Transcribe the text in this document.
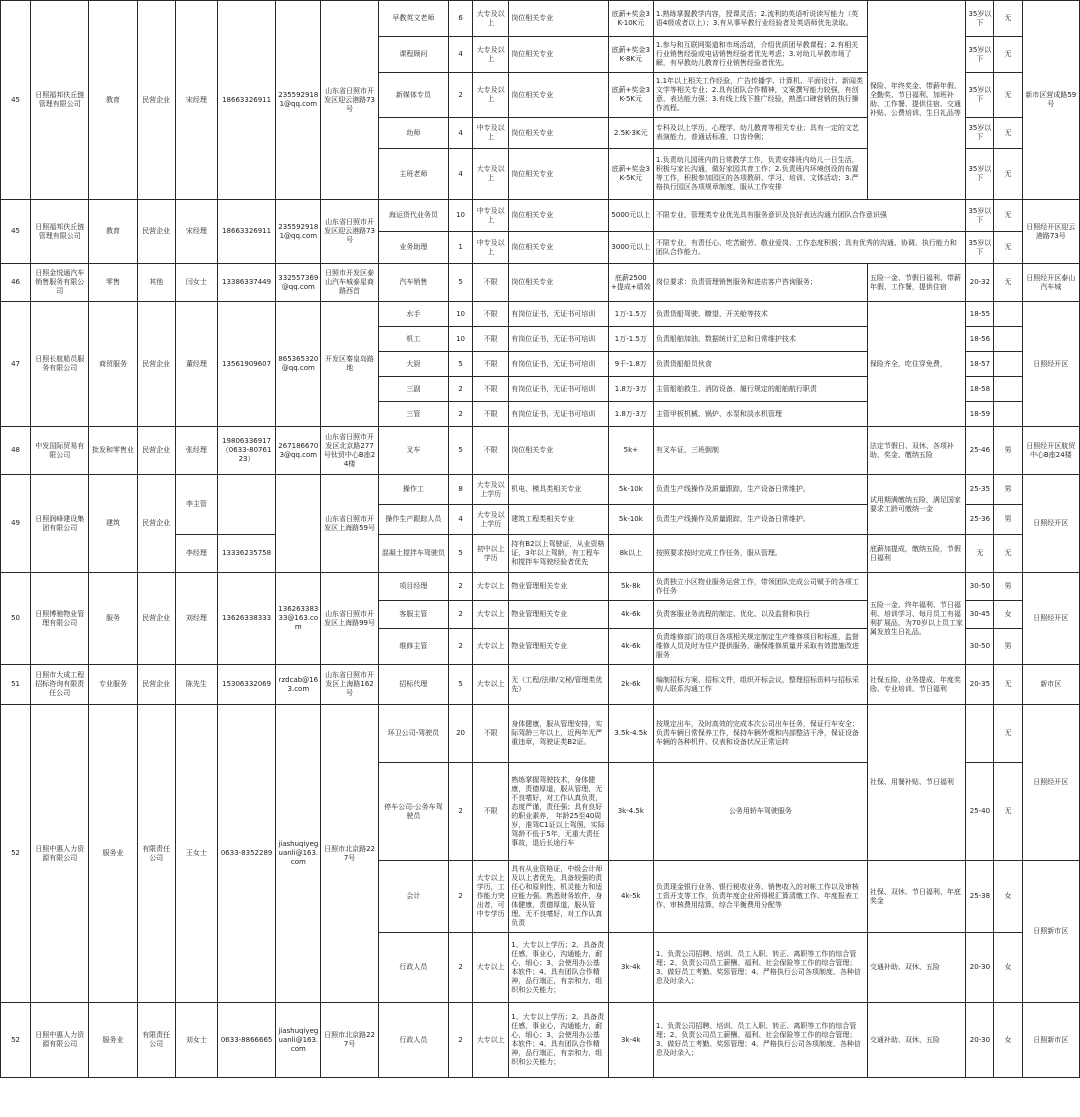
45	日照福邦伕丘链管理有限公司	教育	民营企业	宋经理	18663326911	2355929181@qq.com	山东省日照市开发区迎云港路73号	早教英文老师	6	大专及以上	岗位相关专业	底薪+奖金3K-10K元	1.熟练掌握教学内容，授课灵活；2.流利的英语听说读写能力（英语4级或者以上）；3.有从事早教行业经验者及英语师优先录取。	保险、年终奖金、带薪年假、全勤奖、节日福利、加班补助、工作餐、提供住宿、交通补贴、公费培训、生日礼品等	35岁以下	无	新市区营成路59号
								课程顾问	4	大专及以上	岗位相关专业	底薪+奖金3K-8K元	1.参与和互联网渠道和市场活动，介绍优质团早教课程；2.有相关行业销售经验或电话销售经验者优先考虑；3.对幼儿早教市场了解，有早教幼儿教育行业销售经验者优先。		35岁以下	无	
								新媒体专员	2	大专及以上	岗位相关专业	底薪+奖金3K-5K元	1.1年以上相关工作经验，广告传播学、计算机、平面设计、新闻类文学等相关专业；2.具有团队合作精神，文案撰写能力较强，有创意、表达能力强；3.有线上线下推广经验，熟悉口碑营销的执行操作流程。		35岁以下	无	
								幼师	4	中专及以上	岗位相关专业	2.5K-3K元	专科及以上学历，心理学、幼儿教育等相关专业；具有一定的文艺表演能力，普通话标准，口齿伶俐；		35岁以下	无	
								主班老师	4	大专及以上	岗位相关专业	底薪+奖金3K-5K元	1.负责幼儿园班内的日常教学工作，负责安排班内幼儿一日生活，积极与家长沟通，做好家园共育工作；2.负责班内环境创设的布置等工作，积极参加园区的各项教研、学习、培训、文体活动；3.严格执行园区各项规章制度，服从工作安排		35岁以下	无	
45	日照福邦伕丘链管理有限公司	教育	民营企业	宋经理	18663326911	2355929181@qq.com	山东省日照市开发区迎云港路73号	海运货代业务员	10	中专及以上	岗位相关专业	5000元以上	不限专业，管理类专业优先具有服务意识及良好表达沟通力团队合作意识强		35岁以下	无	日照经开区迎云港路73号
								业务助理	1	中专及以上	岗位相关专业	3000元以上	不限专业，有责任心、吃苦耐劳、敬业爱岗、工作态度积极；具有优秀的沟通、协调、执行能力和团队合作能力。		35岁以下	无	
46	日照金悦通汽车销售服务有限公司	零售	其他	闫女士	13386337449	332557369@qq.com	日照市开发区泰山汽车城泰星商路西首	汽车销售	5	不限	岗位相关专业	底薪2500+提成+绩效	岗位要求：负责管理销售服务和进店客户咨询服务；	五险一金、节假日福利、带薪年假、工作餐，提供住宿	20-32	无	日照经开区泰山汽车城
47	日照长航船员服务有限公司	商贸服务	民营企业	董经理	13561909607	865365320@qq.com	开发区秦皇岛路地	水手	10	不限	有岗位证书，无证书可培训	1万-1.5万	负责货船驾驶、瞭望、开关舱等技术	保险齐全，吃住穿免费，	18-55		日照经开区
								机工	10	不限	有岗位证书，无证书可培训	1万-1.5万	负责船舶加油、数据统计汇总和日常维护技术		18-56		
								大厨	5	不限	有岗位证书，无证书可培训	9千-1.8万	负责货船船员伙食		18-57		
								三副	2	不限	有岗位证书，无证书可培训	1.8万-3万	主管船舶救生、消防设备，履行规定的船舶航行职责		18-58		
								三管	2	不限	有岗位证书，无证书可培训	1.8万-3万	主管甲板机械、锅炉、水泵和淡水机管理		18-59		
48	中发国际贸易有限公司	批发和零售业	民营企业	张经理	19806336917（0633-8076123）	2671866703@qq.com	山东省日照市开发区北京路277号钛贸中心B座24楼	叉车	5	不限	岗位相关专业	5k+	有叉车证，三班倒制	法定节假日、双休、各项补助、奖金、缴纳五险	25-46	男	日照经开区航贸中心B座24楼
49	日照润峰建设集团有限公司	建筑	民营企业	李主管			山东省日照市开发区上海路59号	操作工	8	大专及以上学历	机电、模具类相关专业	5k-10k	负责生产线操作及质量跟踪，生产设备日常维护。	试用期满缴纳五险，满足国家要求工龄可缴纳一金	25-35	男	日照经开区
								操作生产跟踪人员	4	大专及以上学历	建筑工程类相关专业	5k-10k	负责生产线操作及质量跟踪，生产设备日常维护。		25-36	男	
				李经理	13336235758			混凝土搅拌车驾驶员	5	初中以上学历	持有B2以上驾驶证，从业资格证，3年以上驾龄，有工程车和搅拌车驾驶经验者优先	8k以上	按照要求按时完成工作任务，服从管理。	底薪加提成，缴纳五险，节假日福利	无	无	
50	日照博驰物业管理有限公司	服务	民营企业	刘经理	13626338333	13626338333@163.com	山东省日照市开发区上海路99号	项目经理	2	大专以上	物业管理相关专业	5k-8k	负责独立小区物业服务运营工作，带领团队完成公司赋予的各项工作任务	五险一金、终年福利、节日福利、培训学习、每月员工有福利扩展品，为70岁以上员工家属发放生日礼品。	30-50	男	日照经开区
								客服主管	2	大专以上	物业管理相关专业	4k-6k	负责客服业务流程的制定、优化、以及监督和执行		30-45	女	
								维修主管	2	大专以上	物业管理相关专业	4k-6k	负责维修部门的项目各项相关规定制定生产维修项目和标准，监督维修人员及时为住户提供服务，确保维修质量并采取有效措施改进服务		30-50	男	
51	日照市大成工程招标咨询有限责任公司	专业服务	民营企业	陈先生	15306332069	rzdcab@163.com	山东省日照市开发区上海路162号	招标代理	5	大专以上	无（工程/法律/文秘/管理类优先）	2k-6k	编制招标方案、招标文件，组织开标会议，整理招标资料与招标采购人联系沟通工作	社保五险、业务提成、年度奖励、专业培训、节日福利	20-35	无	新市区
52	日照中惠人力资源有限公司	服务业	有限责任公司	王女士	0633-8352289	jiashuqiyeguanli@163.com	日照市北京路227号	环卫公司-驾驶员	20	不限	身体健康，服从管理安排，实际驾龄三年以上，近两年无严重违章，驾驶证类B2证。	3.5k-4.5k	按规定出车，及时高效的完成本次公司出车任务，保证行车安全；负责车辆日常保养工作，保持车辆外观和内部整洁干净，保证设备车辆的各种机件、仪表和设备状况正常运转	社保、用餐补贴、节日福利		无	日照经开区
								停车公司-公务车驾驶员	2	不限	熟练掌握驾驶技术，身体健康，责德厚道，服从管理、无不良嗜好，对工作认真负责，态度严谨，责任强；具有良好的职业素养， 年龄25至40周岁，准驾C1证以上驾照，实际驾龄不低于5年，无重大责任事故，退后长途行车	3k-4.5k	公务用轿车驾驶服务		25-40	无	
								会计	2	大专以上学历，工作能力突出者，可中专学历	具有从业资格证，中级会计师及以上者优先，具备较强的责任心和原则性，机灵能力和适应能力强。熟悉财务软件，身体健康，责德厚道，服从管理、无不良嗜好，对工作认真负责	4k-5k	负责现金银行业务、银行税收业务、销售收入的对帐工作以及审核工资开支等工作，负责年度企业所得税汇算清缴工作、年度报表工作、审核费用结算，综合平衡费用分配等	社保、双休、节日福利、年底奖金	25-38	女	日照新市区
								行政人员	2	大专以上	1、大专以上学历；2、具备责任感，事业心，沟通能力，耐心，细心；3、会使用办公基本软件；4、具有团队合作精神，品行端正，有亲和力，组织和公关能力；	3k-4k	1、负责公司招聘、培训、员工入职、转正、离职等工作的综合管理；2、负责公司员工薪酬、福利、社会保险等工作的综合管理；3、做好员工考勤、奖惩管理；4、严格执行公司各项制度、各种信息及时录入；	交通补助、双休、五险	20-30	女	
52	日照中惠人力资源有限公司	服务业	有限责任公司	刘女士	0633-8866665	jiashuqiyeguanli@163.com	日照市北京路227号	行政人员	2	大专以上	1、大专以上学历；2、具备责任感，事业心，沟通能力，耐心，细心；3、会使用办公基本软件；4、具有团队合作精神，品行端正，有亲和力，组织和公关能力；	3k-4k	1、负责公司招聘、培训、员工入职、转正、离职等工作的综合管理；2、负责公司员工薪酬、福利、社会保险等工作的综合管理；3、做好员工考勤、奖惩管理；4、严格执行公司各项制度、各种信息及时录入；	交通补助、双休、五险	20-30	女	日照新市区
